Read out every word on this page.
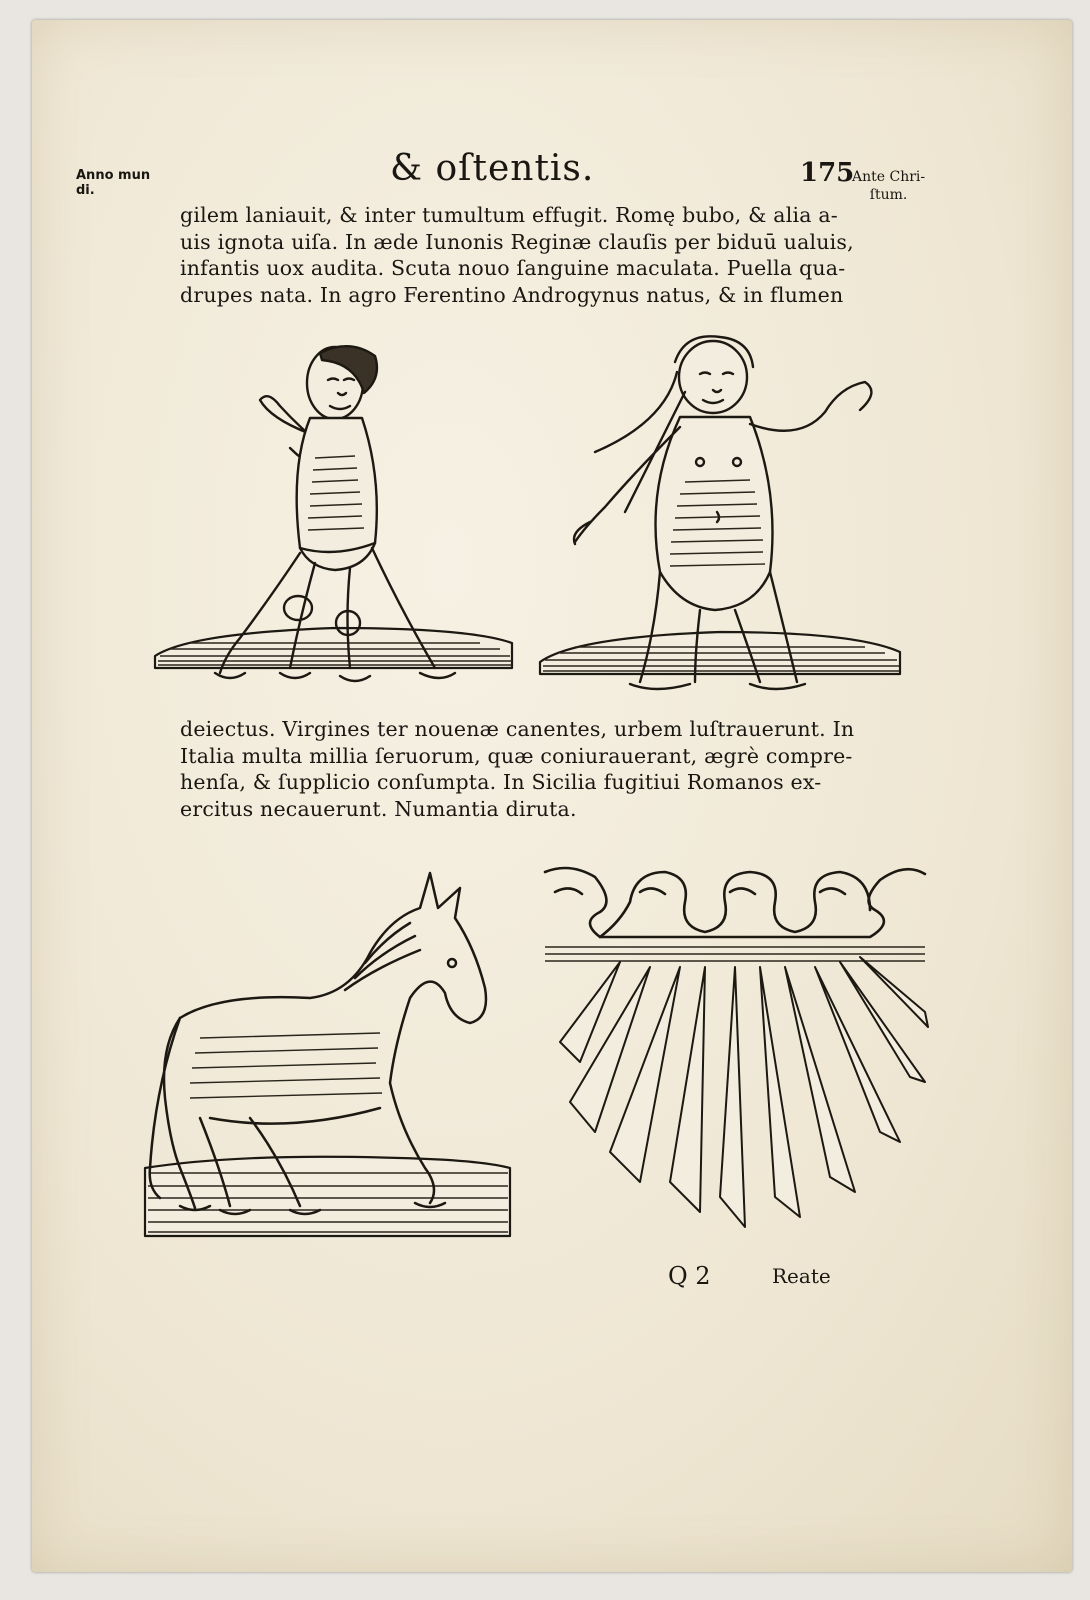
Anno mun
di.
& oſtentis.	175
Ante Chri-
ſtum.
gilem laniauit, & inter tumultum effugit. Romę bubo, & alia a-
uis ignota uiſa. In æde Iunonis Reginæ clauſis per biduū ualuis,
infantis uox audita. Scuta nouo ſanguine maculata. Puella qua-
drupes nata. In agro Ferentino Androgynus natus, & in flumen
deiectus. Virgines ter nouenæ canentes, urbem luſtrauerunt. In
Italia multa millia ſeruorum, quæ coniurauerant, ægrè compre-
henſa, & ſupplicio conſumpta. In Sicilia fugitiui Romanos ex-
ercitus necauerunt. Numantia diruta.
Q 2	Reate
